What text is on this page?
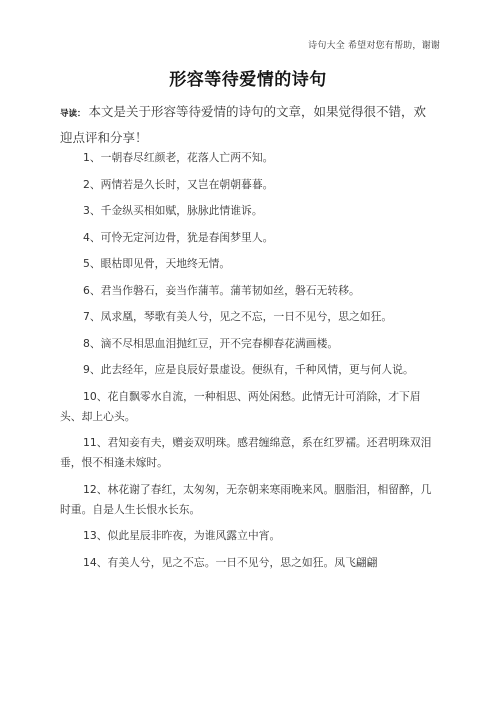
诗句大全 希望对您有帮助，谢谢
形容等待爱情的诗句
导读： 本文是关于形容等待爱情的诗句的文章，如果觉得很不错，欢迎点评和分享！
1、一朝春尽红颜老，花落人亡两不知。
2、两情若是久长时，又岂在朝朝暮暮。
3、千金纵买相如赋，脉脉此情谁诉。
4、可怜无定河边骨，犹是春闺梦里人。
5、眼枯即见骨，天地终无情。
6、君当作磐石，妾当作蒲苇。蒲苇韧如丝，磐石无转移。
7、凤求凰，琴歌有美人兮，见之不忘，一日不见兮，思之如狂。
8、滴不尽相思血泪抛红豆，开不完春柳春花满画楼。
9、此去经年，应是良辰好景虚设。便纵有，千种风情，更与何人说。
10、花自飘零水自流，一种相思、两处闲愁。此情无计可消除，才下眉头、却上心头。
11、君知妾有夫，赠妾双明珠。感君缠绵意，系在红罗襦。还君明珠双泪垂，恨不相逢未嫁时。
12、林花谢了春红，太匆匆，无奈朝来寒雨晚来风。胭脂泪，相留醉，几时重。自是人生长恨水长东。
13、似此星辰非昨夜，为谁风露立中宵。
14、有美人兮，见之不忘。一日不见兮，思之如狂。凤飞翩翩
